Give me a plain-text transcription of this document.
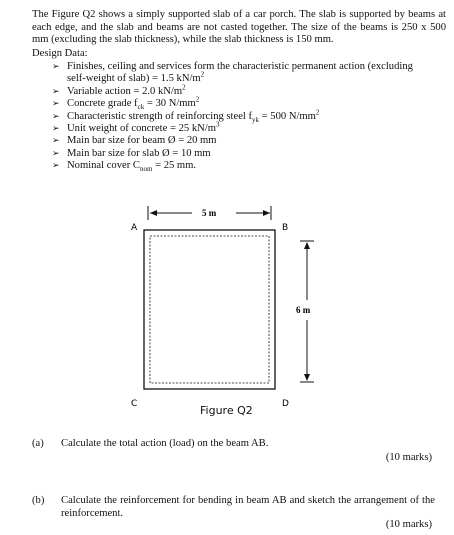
The Figure Q2 shows a simply supported slab of a car porch. The slab is supported by beams at each edge, and the slab and beams are not casted together. The size of the beams is 250 x 500 mm (excluding the slab thickness), while the slab thickness is 150 mm.
Design Data:
➢ Finishes, ceiling and services form the characteristic permanent action (excluding
self-weight of slab) = 1.5 $kN/m^2$
➢ Variable action = 2.0 $kN/m^2$
➢ Concrete grade $f_{ck} = 30$ $N/mm^2$
➢ Characteristic strength of reinforcing steel $f_{yk} = 500$ $N/mm^2$
➢ Unit weight of concrete = 25 $kN/m^3$
➢ Main bar size for beam Ø = 20 mm
➢ Main bar size for slab Ø = 10 mm
➢ Nominal cover $C_{nom} = 25$ mm.
A	B
C	D
5 m
6 m
Figure Q2
(a) Calculate the total action (load) on the beam AB.
(10 marks)
(b) Calculate the reinforcement for bending in beam AB and sketch the arrangement of the reinforcement.
(10 marks)
